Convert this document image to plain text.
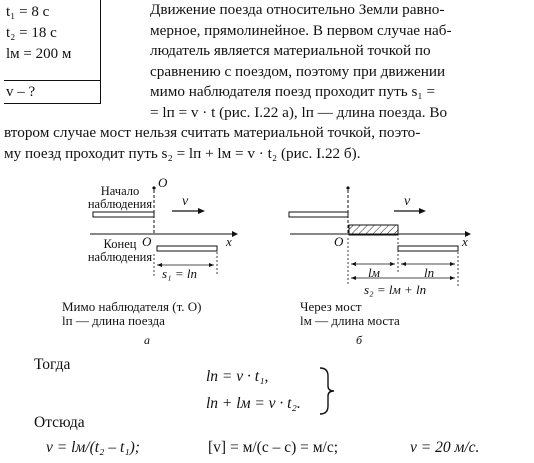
t₁ = 8 с
t₂ = 18 с
lм = 200 м
v – ?
Движение поезда относительно Земли равно-
мерное, прямолинейное. В первом случае наб-
людатель является материальной точкой по
сравнению с поездом, поэтому при движении
мимо наблюдателя поезд проходит путь s₁ =
= lп = v · t (рис. I.22 а), lп — длина поезда. Во
втором случае мост нельзя считать материальной точкой, поэто-
му поезд проходит путь s₂ = lп + lм = v · t₂ (рис. I.22 б).
Начало
наблюдения
O
v
O	x
Конец
наблюдения
s₁ = lп
Мимо наблюдателя (т. O)
lп — длина поезда
а
O
v
x
lм	lп
s₂ = lм + lп
Через мост
lм — длина моста
б
Тогда
lп = v · t₁,
lп + lм = v · t₂.
Отсюда
v = lм/(t₂ – t₁);	[v] = м/(с – с) = м/с;	v = 20 м/с.
